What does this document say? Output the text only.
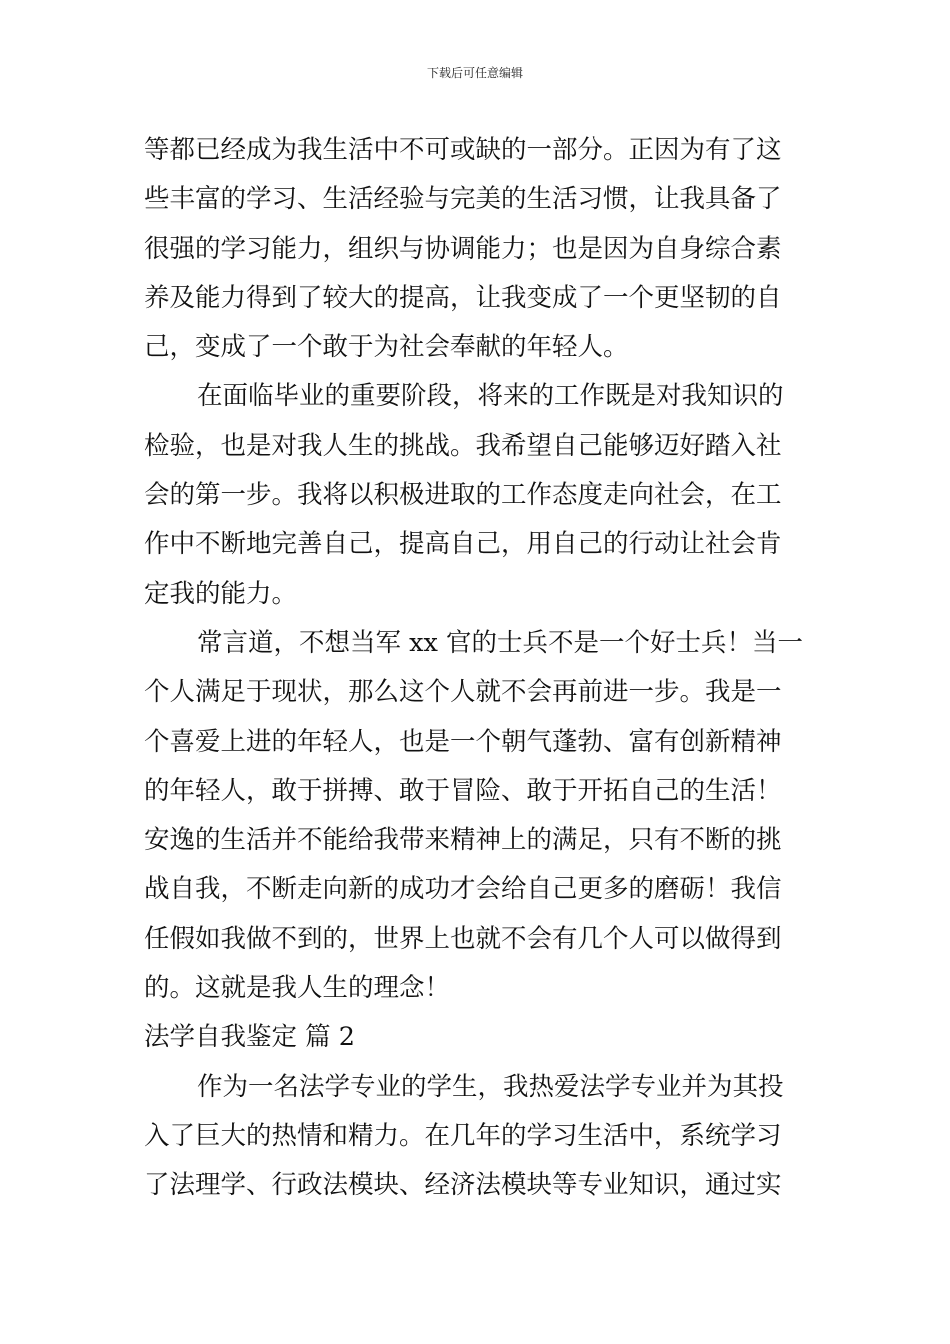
下载后可任意编辑
等都已经成为我生活中不可或缺的一部分。正因为有了这
些丰富的学习、生活经验与完美的生活习惯，让我具备了
很强的学习能力，组织与协调能力；也是因为自身综合素
养及能力得到了较大的提高，让我变成了一个更坚韧的自
己，变成了一个敢于为社会奉献的年轻人。
在面临毕业的重要阶段，将来的工作既是对我知识的
检验，也是对我人生的挑战。我希望自己能够迈好踏入社
会的第一步。我将以积极进取的工作态度走向社会，在工
作中不断地完善自己，提高自己，用自己的行动让社会肯
定我的能力。
常言道，不想当军 xx 官的士兵不是一个好士兵！当一
个人满足于现状，那么这个人就不会再前进一步。我是一
个喜爱上进的年轻人，也是一个朝气蓬勃、富有创新精神
的年轻人，敢于拼搏、敢于冒险、敢于开拓自己的生活！
安逸的生活并不能给我带来精神上的满足，只有不断的挑
战自我，不断走向新的成功才会给自己更多的磨砺！我信
任假如我做不到的，世界上也就不会有几个人可以做得到
的。这就是我人生的理念！
法学自我鉴定 篇 2
作为一名法学专业的学生，我热爱法学专业并为其投
入了巨大的热情和精力。在几年的学习生活中，系统学习
了法理学、行政法模块、经济法模块等专业知识，通过实
